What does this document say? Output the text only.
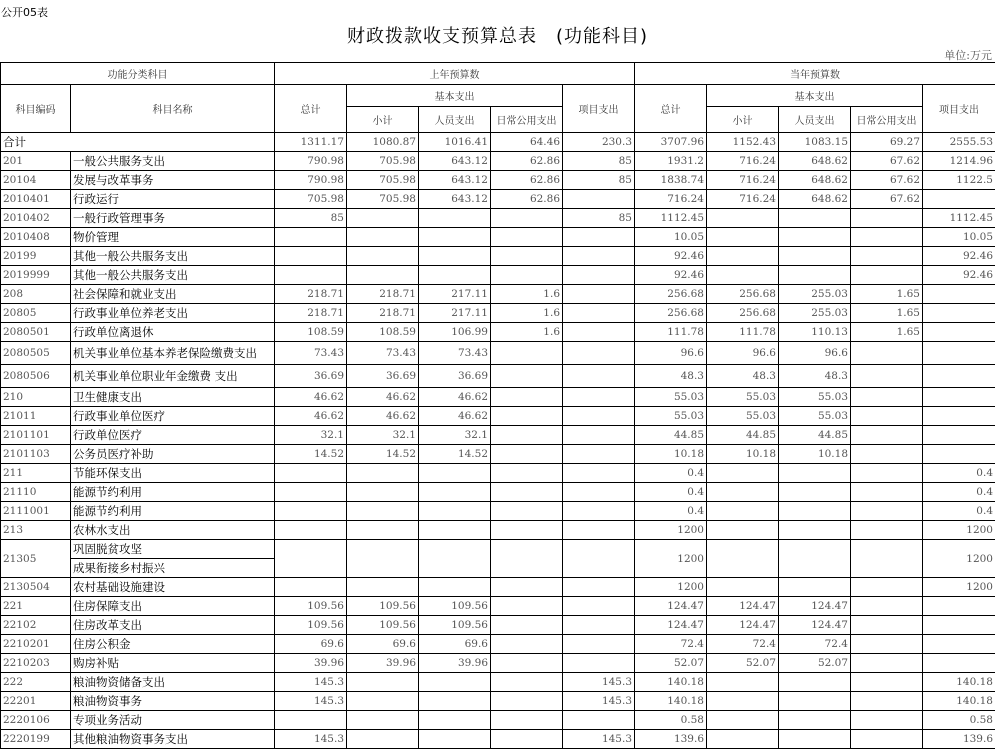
公开05表
财政拨款收支预算总表　(功能科目)
单位:万元
功能分类科目		上年预算数					当年预算数				
科目编码	科目名称	总计	基本支出			项目支出	总计	基本支出			项目支出
			小计	人员支出	日常公用支出			小计	人员支出	日常公用支出	
合计		1311.17	1080.87	1016.41	64.46	230.3	3707.96	1152.43	1083.15	69.27	2555.53
201	一般公共服务支出	790.98	705.98	643.12	62.86	85	1931.2	716.24	648.62	67.62	1214.96
20104	发展与改革事务	790.98	705.98	643.12	62.86	85	1838.74	716.24	648.62	67.62	1122.5
2010401	行政运行	705.98	705.98	643.12	62.86		716.24	716.24	648.62	67.62	
2010402	一般行政管理事务	85				85	1112.45				1112.45
2010408	物价管理						10.05				10.05
20199	其他一般公共服务支出						92.46				92.46
2019999	其他一般公共服务支出						92.46				92.46
208	社会保障和就业支出	218.71	218.71	217.11	1.6		256.68	256.68	255.03	1.65	
20805	行政事业单位养老支出	218.71	218.71	217.11	1.6		256.68	256.68	255.03	1.65	
2080501	行政单位离退休	108.59	108.59	106.99	1.6		111.78	111.78	110.13	1.65	
2080505	机关事业单位基本养老保险缴费支出	73.43	73.43	73.43			96.6	96.6	96.6		
2080506	机关事业单位职业年金缴费 支出	36.69	36.69	36.69			48.3	48.3	48.3		
210	卫生健康支出	46.62	46.62	46.62			55.03	55.03	55.03		
21011	行政事业单位医疗	46.62	46.62	46.62			55.03	55.03	55.03		
2101101	行政单位医疗	32.1	32.1	32.1			44.85	44.85	44.85		
2101103	公务员医疗补助	14.52	14.52	14.52			10.18	10.18	10.18		
211	节能环保支出						0.4				0.4
21110	能源节约利用						0.4				0.4
2111001	能源节约利用						0.4				0.4
213	农林水支出						1200				1200
21305	巩固脱贫攻坚						1200				1200
	成果衔接乡村振兴										
2130504	农村基础设施建设						1200				1200
221	住房保障支出	109.56	109.56	109.56			124.47	124.47	124.47		
22102	住房改革支出	109.56	109.56	109.56			124.47	124.47	124.47		
2210201	住房公积金	69.6	69.6	69.6			72.4	72.4	72.4		
2210203	购房补贴	39.96	39.96	39.96			52.07	52.07	52.07		
222	粮油物资储备支出	145.3				145.3	140.18				140.18
22201	粮油物资事务	145.3				145.3	140.18				140.18
2220106	专项业务活动						0.58				0.58
2220199	其他粮油物资事务支出	145.3				145.3	139.6				139.6
